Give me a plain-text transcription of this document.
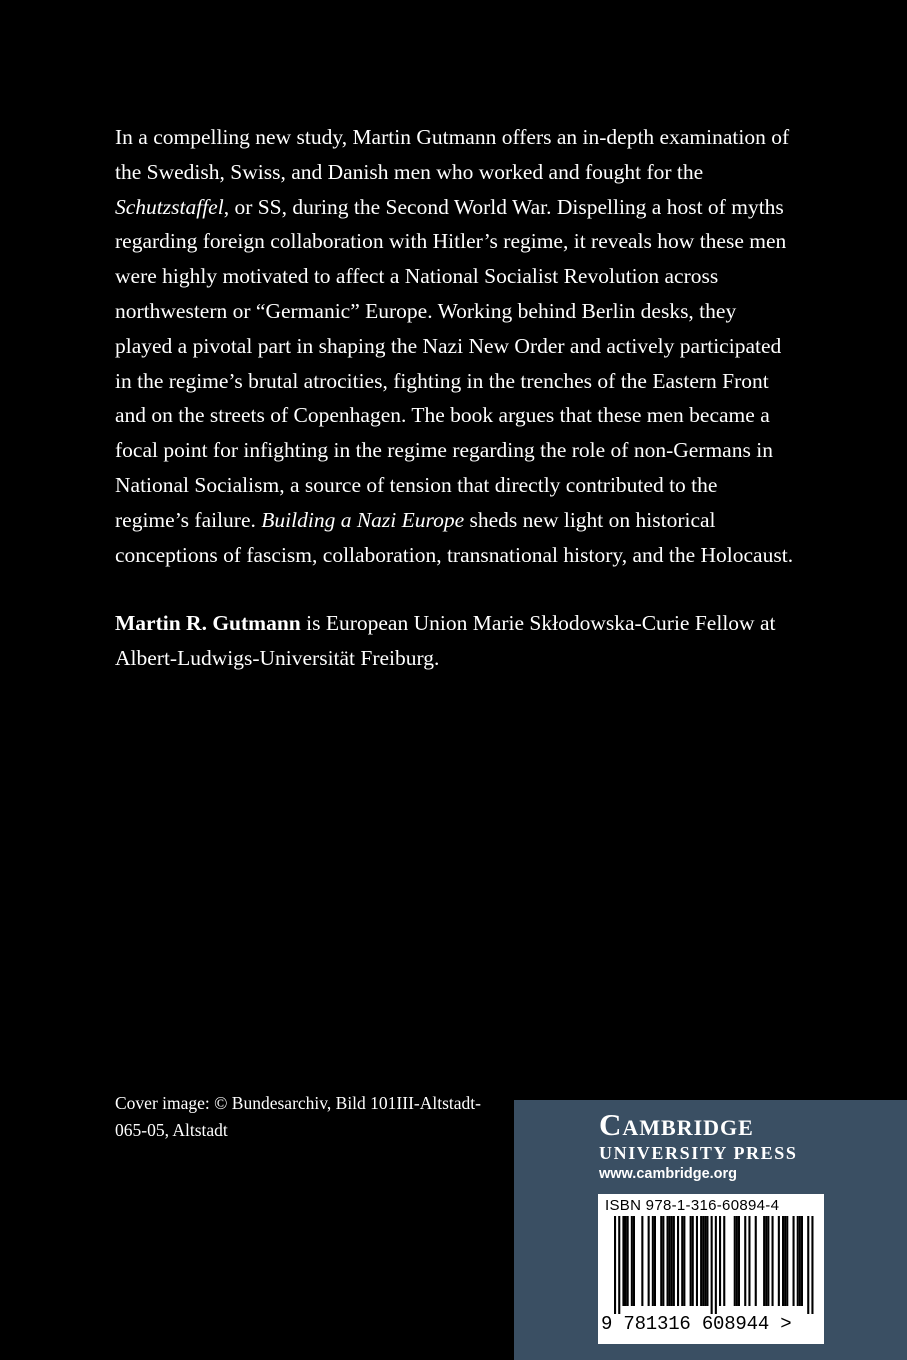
In a compelling new study, Martin Gutmann offers an in-depth examination of the Swedish, Swiss, and Danish men who worked and fought for the Schutzstaffel, or SS, during the Second World War. Dispelling a host of myths regarding foreign collaboration with Hitler’s regime, it reveals how these men were highly motivated to affect a National Socialist Revolution across northwestern or “Germanic” Europe. Working behind Berlin desks, they played a pivotal part in shaping the Nazi New Order and actively participated in the regime’s brutal atrocities, fighting in the trenches of the Eastern Front and on the streets of Copenhagen. The book argues that these men became a focal point for infighting in the regime regarding the role of non-Germans in National Socialism, a source of tension that directly contributed to the regime’s failure. Building a Nazi Europe sheds new light on historical conceptions of fascism, collaboration, transnational history, and the Holocaust.

Martin R. Gutmann is European Union Marie Skłodowska-Curie Fellow at Albert-Ludwigs-Universität Freiburg.

Cover image: © Bundesarchiv, Bild 101III-Altstadt-065-05, Altstadt	Cambridge
UNIVERSITY PRESS
www.cambridge.org
ISBN 978-1-316-60894-4
9 781316 608944 >
